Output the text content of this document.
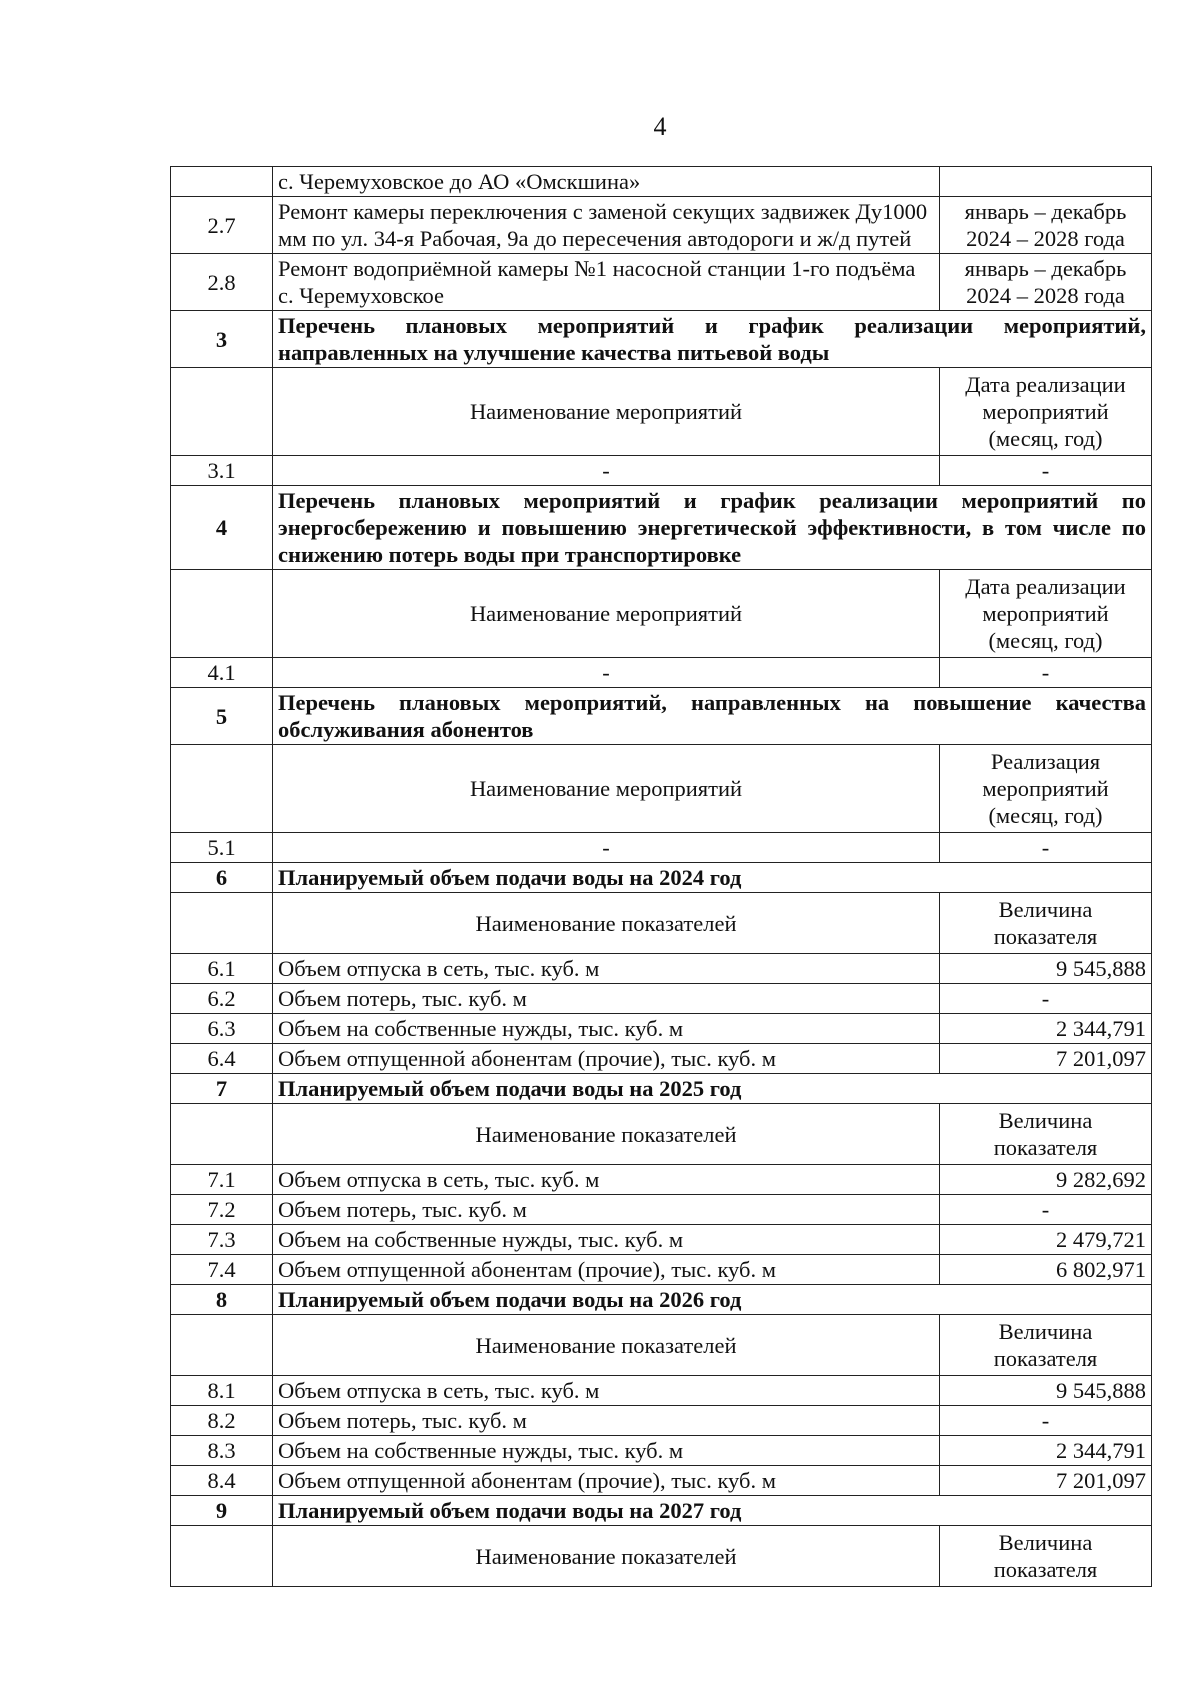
4
	с. Черемуховское до АО «Омскшина»	
2.7	Ремонт камеры переключения с заменой секущих задвижек Ду1000 мм по ул. 34-я Рабочая, 9а до пересечения автодороги и ж/д путей	январь – декабрь 2024 – 2028 года
2.8	Ремонт водоприёмной камеры №1 насосной станции 1-го подъёма с. Черемуховское	январь – декабрь 2024 – 2028 года
3	Перечень плановых мероприятий и график реализации мероприятий, направленных на улучшение качества питьевой воды	
	Наименование мероприятий	Дата реализации мероприятий (месяц, год)
3.1	-	-
4	Перечень плановых мероприятий и график реализации мероприятий по энергосбережению и повышению энергетической эффективности, в том числе по снижению потерь воды при транспортировке	
	Наименование мероприятий	Дата реализации мероприятий (месяц, год)
4.1	-	-
5	Перечень плановых мероприятий, направленных на повышение качества обслуживания абонентов	
	Наименование мероприятий	Реализация мероприятий (месяц, год)
5.1	-	-
6	Планируемый объем подачи воды на 2024 год	
	Наименование показателей	Величина показателя
6.1	Объем отпуска в сеть, тыс. куб. м	9 545,888
6.2	Объем потерь, тыс. куб. м	-
6.3	Объем на собственные нужды, тыс. куб. м	2 344,791
6.4	Объем отпущенной абонентам (прочие), тыс. куб. м	7 201,097
7	Планируемый объем подачи воды на 2025 год	
	Наименование показателей	Величина показателя
7.1	Объем отпуска в сеть, тыс. куб. м	9 282,692
7.2	Объем потерь, тыс. куб. м	-
7.3	Объем на собственные нужды, тыс. куб. м	2 479,721
7.4	Объем отпущенной абонентам (прочие), тыс. куб. м	6 802,971
8	Планируемый объем подачи воды на 2026 год	
	Наименование показателей	Величина показателя
8.1	Объем отпуска в сеть, тыс. куб. м	9 545,888
8.2	Объем потерь, тыс. куб. м	-
8.3	Объем на собственные нужды, тыс. куб. м	2 344,791
8.4	Объем отпущенной абонентам (прочие), тыс. куб. м	7 201,097
9	Планируемый объем подачи воды на 2027 год	
	Наименование показателей	Величина показателя
